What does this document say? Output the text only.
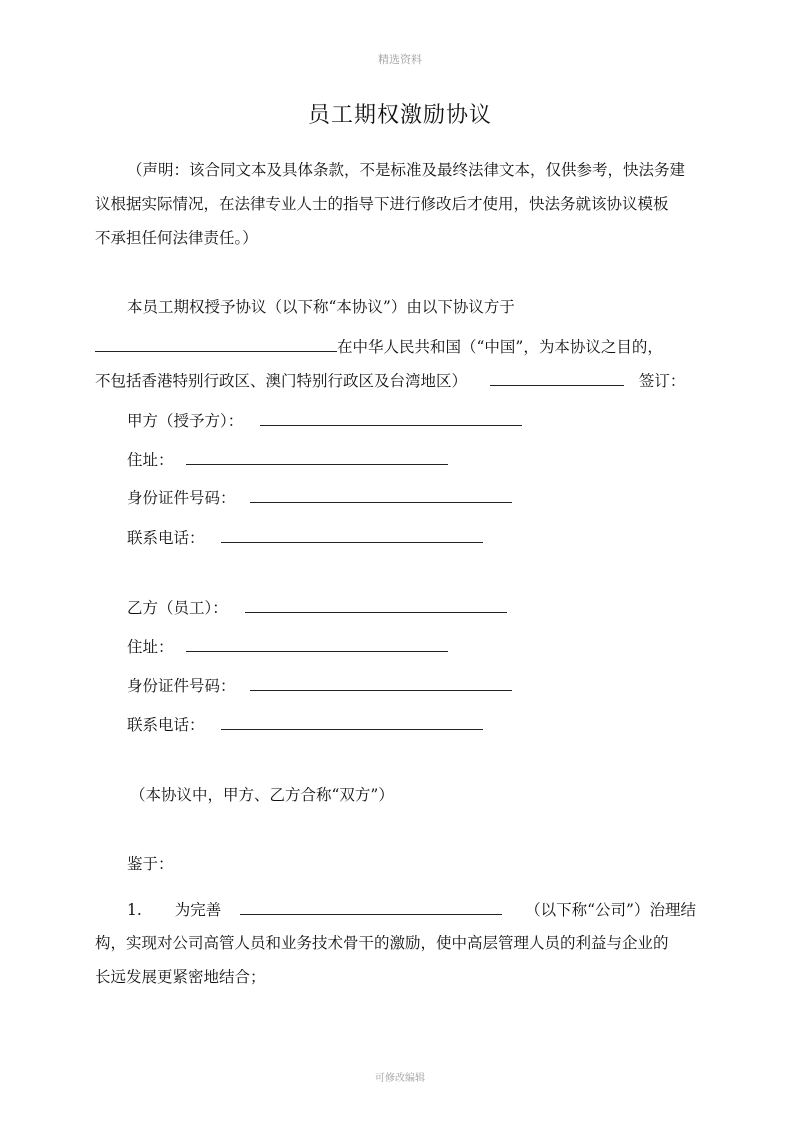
精选资料
员工期权激励协议
（声明：该合同文本及具体条款，不是标准及最终法律文本，仅供参考，快法务建
议根据实际情况，在法律专业人士的指导下进行修改后才使用，快法务就该协议模板
不承担任何法律责任。）
本员工期权授予协议（以下称“本协议”）由以下协议方于
在中华人民共和国（“中国”，为本协议之目的，
不包括香港特别行政区、澳门特别行政区及台湾地区）	签订：
甲方（授予方）：
住址：
身份证件号码：
联系电话：
乙方（员工）：
住址：
身份证件号码：
联系电话：
（本协议中，甲方、乙方合称“双方”）
鉴于：
1. 为完善	（以下称“公司”）治理结
构，实现对公司高管人员和业务技术骨干的激励，使中高层管理人员的利益与企业的
长远发展更紧密地结合；
可修改编辑
